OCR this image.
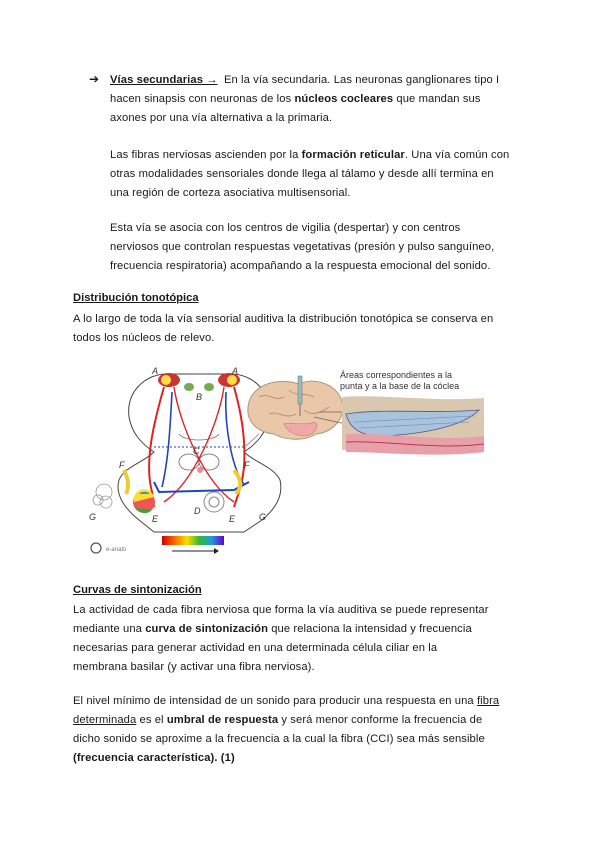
➔ Vías secundarias → En la vía secundaria. Las neuronas ganglionares tipo I

hacen sinapsis con neuronas de los núcleos cocleares que mandan sus

axones por una vía alternativa a la primaria.

Las fibras nerviosas ascienden por la formación reticular. Una vía común con

otras modalidades sensoriales donde llega al tálamo y desde allí termina en

una región de corteza asociativa multisensorial.

Esta vía se asocia con los centros de vigilia (despertar) y con centros

nerviosos que controlan respuestas vegetativas (presión y pulso sanguíneo,

frecuencia respiratoria) acompañando a la respuesta emocional del sonido.

Distribución tonotópica

A lo largo de toda la vía sensorial auditiva la distribución tonotópica se conserva en

todos los núcleos de relevo.

A	A
B
C
D
E	E
F	F
G	G
e-anato
Áreas correspondientes a la
punta y a la base de la cóclea

Curvas de sintonización

La actividad de cada fibra nerviosa que forma la vía auditiva se puede representar

mediante una curva de sintonización que relaciona la intensidad y frecuencia

necesarias para generar actividad en una determinada célula ciliar en la

membrana basilar (y activar una fibra nerviosa).

El nivel mínimo de intensidad de un sonido para producir una respuesta en una fibra

determinada es el umbral de respuesta y será menor conforme la frecuencia de

dicho sonido se aproxime a la frecuencia a la cual la fibra (CCI) sea más sensible

(frecuencia característica). (1)
